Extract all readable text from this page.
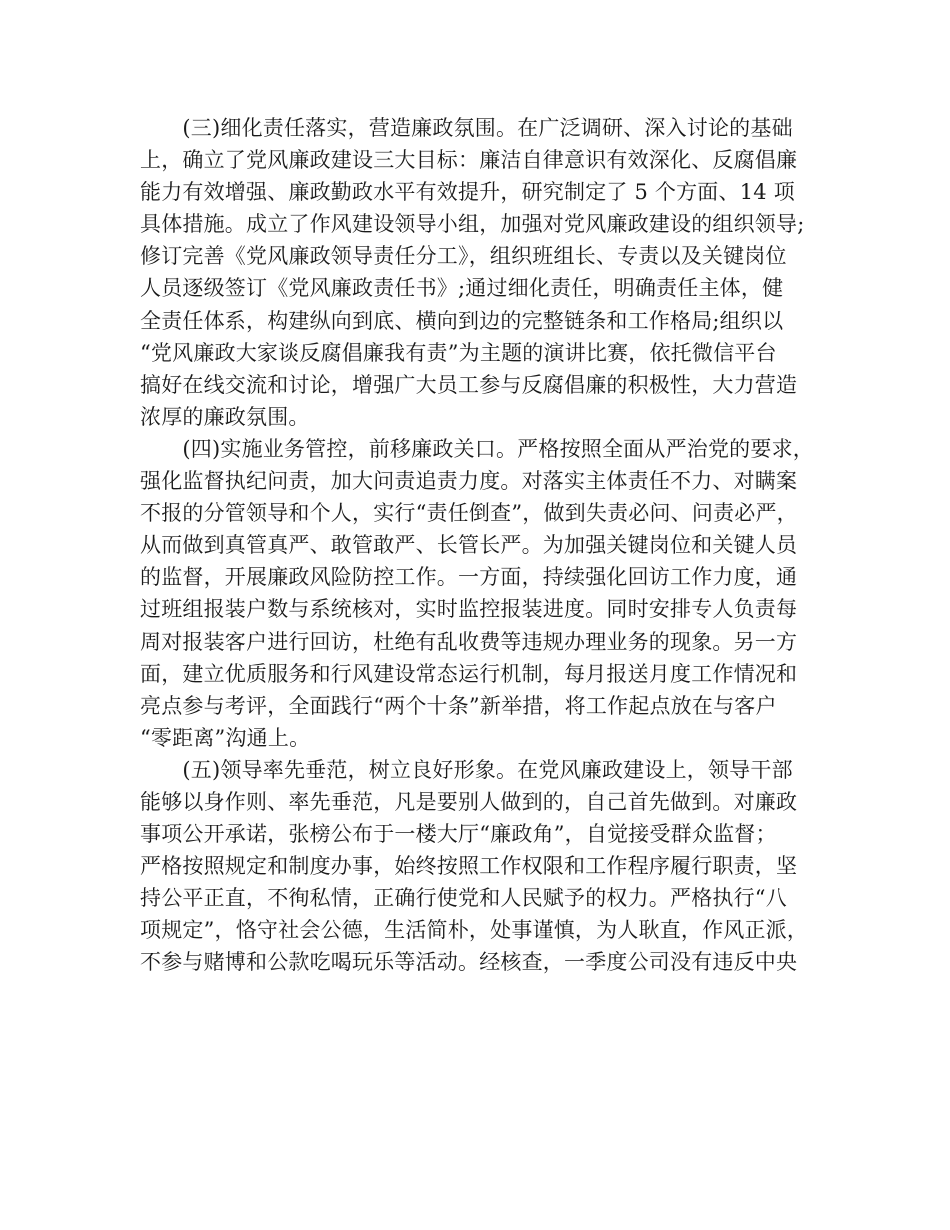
　　(三)细化责任落实，营造廉政氛围。在广泛调研、深入讨论的基础
上，确立了党风廉政建设三大目标：廉洁自律意识有效深化、反腐倡廉
能力有效增强、廉政勤政水平有效提升，研究制定了 5 个方面、14 项
具体措施。成立了作风建设领导小组，加强对党风廉政建设的组织领导;
修订完善《党风廉政领导责任分工》，组织班组长、专责以及关键岗位
人员逐级签订《党风廉政责任书》;通过细化责任，明确责任主体，健
全责任体系，构建纵向到底、横向到边的完整链条和工作格局;组织以
“党风廉政大家谈反腐倡廉我有责”为主题的演讲比赛，依托微信平台
搞好在线交流和讨论，增强广大员工参与反腐倡廉的积极性，大力营造
浓厚的廉政氛围。
　　(四)实施业务管控，前移廉政关口。严格按照全面从严治党的要求，
强化监督执纪问责，加大问责追责力度。对落实主体责任不力、对瞒案
不报的分管领导和个人，实行“责任倒查”，做到失责必问、问责必严，
从而做到真管真严、敢管敢严、长管长严。为加强关键岗位和关键人员
的监督，开展廉政风险防控工作。一方面，持续强化回访工作力度，通
过班组报装户数与系统核对，实时监控报装进度。同时安排专人负责每
周对报装客户进行回访，杜绝有乱收费等违规办理业务的现象。另一方
面，建立优质服务和行风建设常态运行机制，每月报送月度工作情况和
亮点参与考评，全面践行“两个十条”新举措，将工作起点放在与客户
“零距离”沟通上。
　　(五)领导率先垂范，树立良好形象。在党风廉政建设上，领导干部
能够以身作则、率先垂范，凡是要别人做到的，自己首先做到。对廉政
事项公开承诺，张榜公布于一楼大厅“廉政角”，自觉接受群众监督；
严格按照规定和制度办事，始终按照工作权限和工作程序履行职责，坚
持公平正直，不徇私情，正确行使党和人民赋予的权力。严格执行“八
项规定”，恪守社会公德，生活简朴，处事谨慎，为人耿直，作风正派，
不参与赌博和公款吃喝玩乐等活动。经核查，一季度公司没有违反中央
